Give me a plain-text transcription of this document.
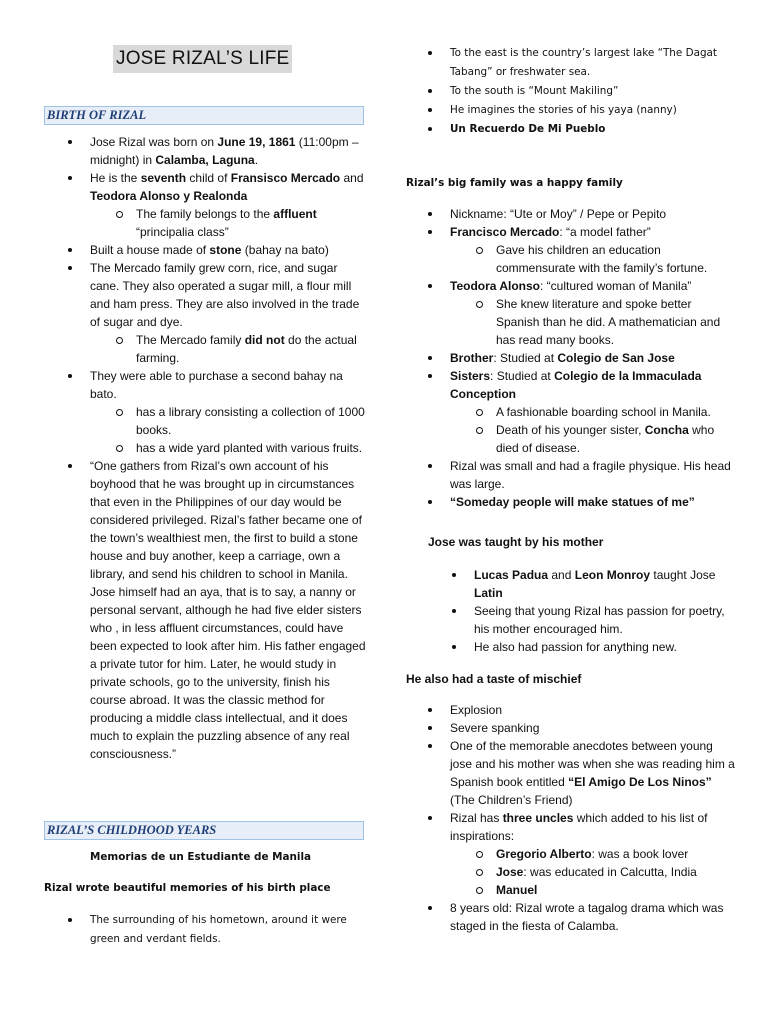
JOSE RIZAL’S LIFE
BIRTH OF RIZAL
Jose Rizal was born on June 19, 1861 (11:00pm – midnight) in Calamba, Laguna.
He is the seventh child of Fransisco Mercado and Teodora Alonso y Realonda
The family belongs to the affluent “principalia class”
Built a house made of stone (bahay na bato)
The Mercado family grew corn, rice, and sugar cane. They also operated a sugar mill, a flour mill and ham press. They are also involved in the trade of sugar and dye.
The Mercado family did not do the actual farming.
They were able to purchase a second bahay na bato.
has a library consisting a collection of 1000 books.
has a wide yard planted with various fruits.
“One gathers from Rizal’s own account of his boyhood that he was brought up in circumstances that even in the Philippines of our day would be considered privileged. Rizal’s father became one of the town’s wealthiest men, the first to build a stone house and buy another, keep a carriage, own a library, and send his children to school in Manila. Jose himself had an aya, that is to say, a nanny or personal servant, although he had five elder sisters who , in less affluent circumstances, could have been expected to look after him. His father engaged a private tutor for him. Later, he would study in private schools, go to the university, finish his course abroad. It was the classic method for producing a middle class intellectual, and it does much to explain the puzzling absence of any real consciousness.”
RIZAL’S CHILDHOOD YEARS
Memorias de un Estudiante de Manila
Rizal wrote beautiful memories of his birth place
The surrounding of his hometown, around it were green and verdant fields.
To the east is the country’s largest lake “The Dagat Tabang” or freshwater sea.
To the south is “Mount Makiling”
He imagines the stories of his yaya (nanny)
Un Recuerdo De Mi Pueblo
Rizal’s big family was a happy family
Nickname: “Ute or Moy” / Pepe or Pepito
Francisco Mercado: “a model father”
Gave his children an education commensurate with the family’s fortune.
Teodora Alonso: “cultured woman of Manila”
She knew literature and spoke better Spanish than he did. A mathematician and has read many books.
Brother: Studied at Colegio de San Jose
Sisters: Studied at Colegio de la Immaculada Conception
A fashionable boarding school in Manila.
Death of his younger sister, Concha who died of disease.
Rizal was small and had a fragile physique. His head was large.
“Someday people will make statues of me”
Jose was taught by his mother
Lucas Padua and Leon Monroy taught Jose Latin
Seeing that young Rizal has passion for poetry, his mother encouraged him.
He also had passion for anything new.
He also had a taste of mischief
Explosion
Severe spanking
One of the memorable anecdotes between young jose and his mother was when she was reading him a Spanish book entitled “El Amigo De Los Ninos” (The Children’s Friend)
Rizal has three uncles which added to his list of inspirations:
Gregorio Alberto: was a book lover
Jose: was educated in Calcutta, India
Manuel
8 years old: Rizal wrote a tagalog drama which was staged in the fiesta of Calamba.
